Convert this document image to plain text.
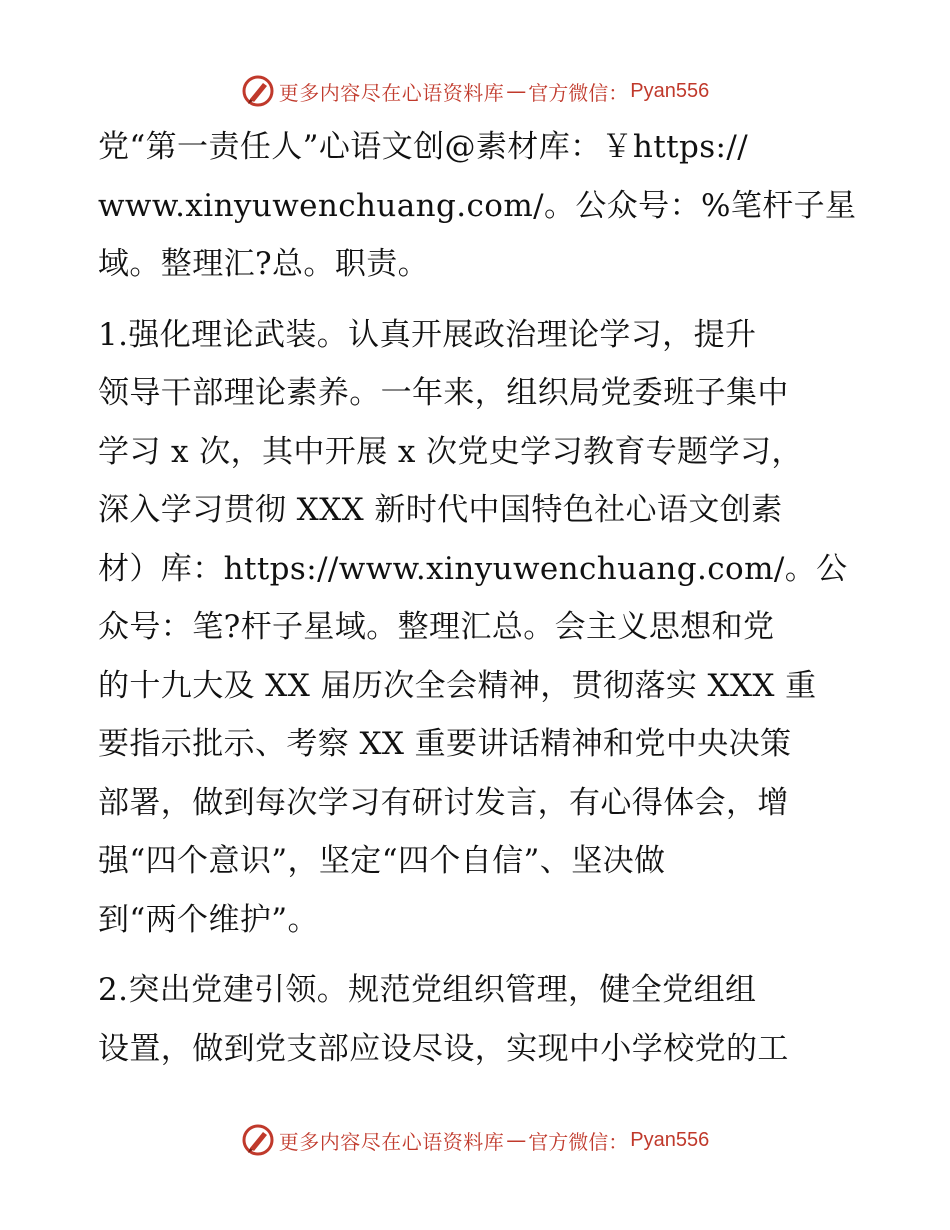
更多内容尽在心语资料库 — 官方微信： Pyan556

党“第一责任人”心语文创@素材库：￥https://
www.xinyuwenchuang.com/。公众号：%笔杆子星
域。整理汇?总。职责。

1.强化理论武装。认真开展政治理论学习，提升
领导干部理论素养。一年来，组织局党委班子集中
学习 x 次，其中开展 x 次党史学习教育专题学习，
深入学习贯彻 XXX 新时代中国特色社心语文创素
材）库：https://www.xinyuwenchuang.com/。公
众号：笔?杆子星域。整理汇总。会主义思想和党
的十九大及 XX 届历次全会精神，贯彻落实 XXX 重
要指示批示、考察 XX 重要讲话精神和党中央决策
部署，做到每次学习有研讨发言，有心得体会，增
强“四个意识”，坚定“四个自信”、坚决做
到“两个维护”。

2.突出党建引领。规范党组织管理，健全党组组
设置，做到党支部应设尽设，实现中小学校党的工

更多内容尽在心语资料库 — 官方微信： Pyan556
